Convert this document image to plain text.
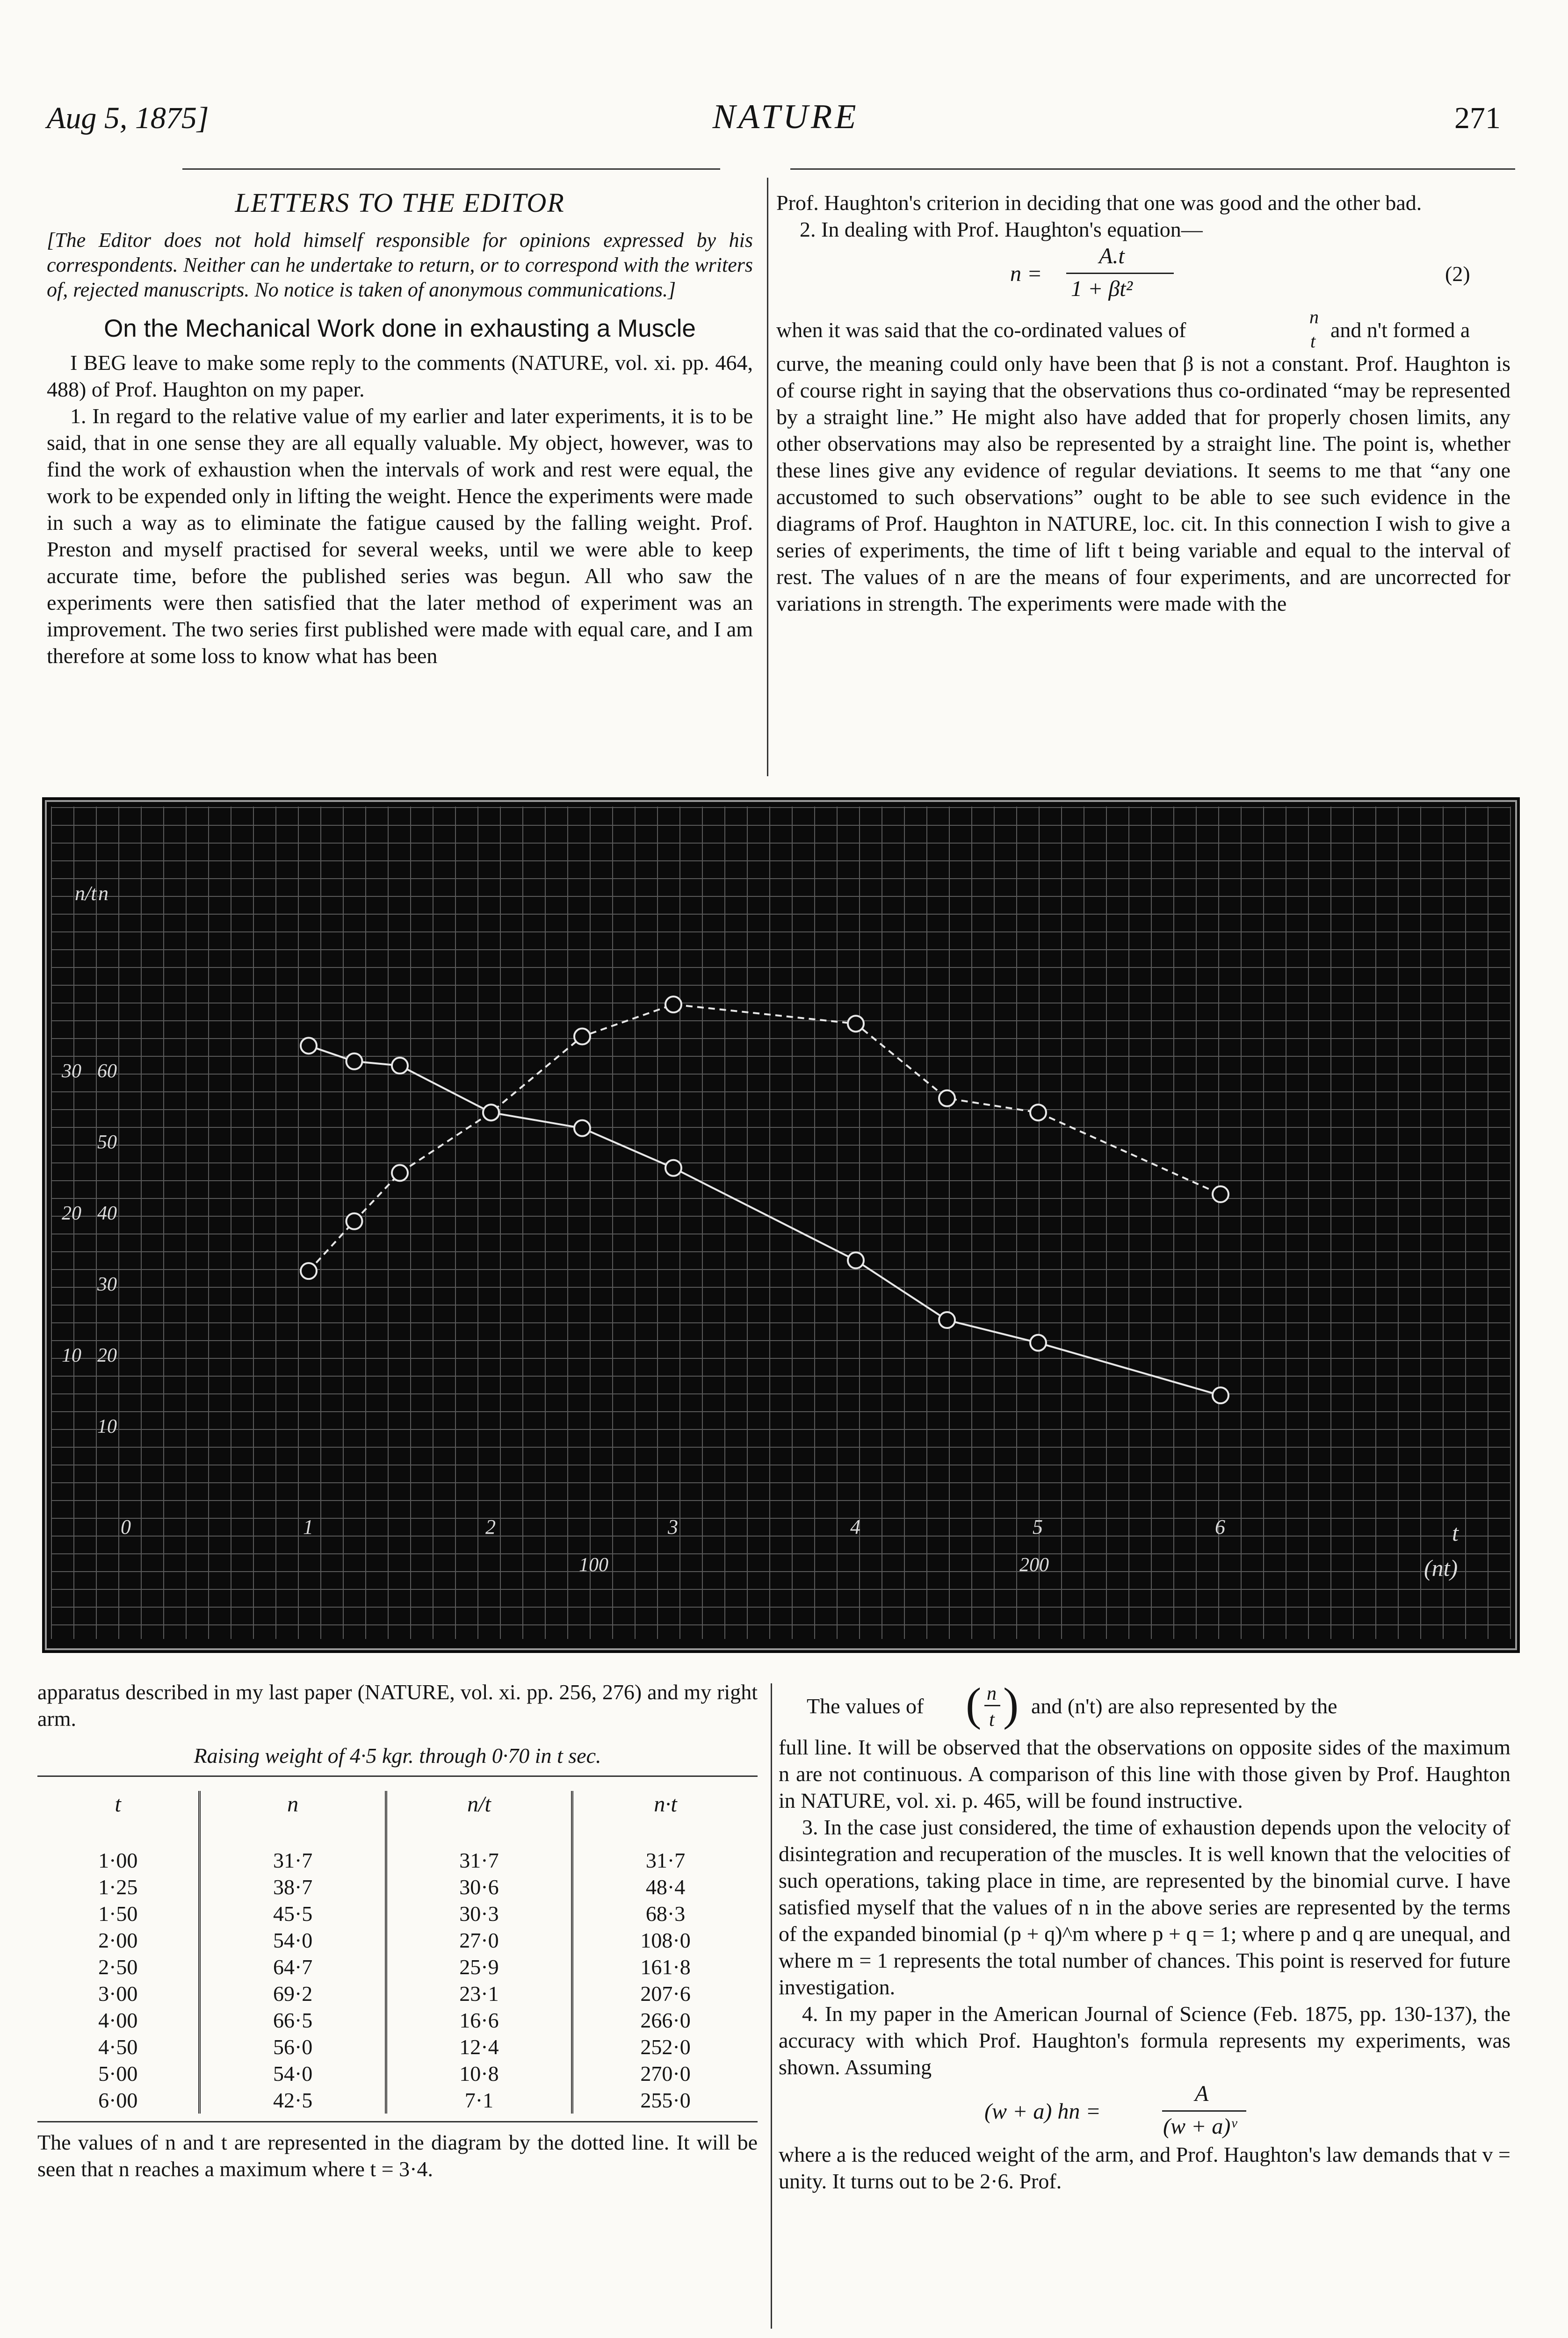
Aug 5, 1875]	NATURE	271
LETTERS TO THE EDITOR
[The Editor does not hold himself responsible for opinions expressed by his correspondents. Neither can he undertake to return, or to correspond with the writers of, rejected manuscripts. No notice is taken of anonymous communications.]
On the Mechanical Work done in exhausting a Muscle

I BEG leave to make some reply to the comments (NATURE, vol. xi. pp. 464, 488) of Prof. Haughton on my paper.

1. In regard to the relative value of my earlier and later experiments, it is to be said, that in one sense they are all equally valuable. My object, however, was to find the work of exhaustion when the intervals of work and rest were equal, the work to be expended only in lifting the weight. Hence the experiments were made in such a way as to eliminate the fatigue caused by the falling weight. Prof. Preston and myself practised for several weeks, until we were able to keep accurate time, before the published series was begun. All who saw the experiments were then satisfied that the later method of experiment was an improvement. The two series first published were made with equal care, and I am therefore at some loss to know what has been

Prof. Haughton's criterion in deciding that one was good and the other bad.

2. In dealing with Prof. Haughton's equation—

n =
A.t
1 + βt²
(2)
when it was said that the co-ordinated values of
n
t and n't formed a

curve, the meaning could only have been that β is not a constant. Prof. Haughton is of course right in saying that the observations thus co-ordinated “may be represented by a straight line.” He might also have added that for properly chosen limits, any other observations may also be represented by a straight line. The point is, whether these lines give any evidence of regular deviations. It seems to me that “any one accustomed to such observations” ought to be able to see such evidence in the diagrams of Prof. Haughton in NATURE, loc. cit. In this connection I wish to give a series of experiments, the time of lift t being variable and equal to the interval of rest. The values of n are the means of four experiments, and are uncorrected for variations in strength. The experiments were made with the

n/t n
10
20
30
40
50
60
10
20
30
0	1	2	3	4	5	6
100	200
t
(nt)

apparatus described in my last paper (NATURE, vol. xi. pp. 256, 276) and my right arm.

Raising weight of 4·5 kgr. through 0·70 in t sec.
t	n	n/t	n·t
1·00	31·7	31·7	31·7
1·25	38·7	30·6	48·4
1·50	45·5	30·3	68·3
2·00	54·0	27·0	108·0
2·50	64·7	25·9	161·8
3·00	69·2	23·1	207·6
4·00	66·5	16·6	266·0
4·50	56·0	12·4	252·0
5·00	54·0	10·8	270·0
6·00	42·5	7·1	255·0

The values of n and t are represented in the diagram by the dotted line. It will be seen that n reaches a maximum where t = 3·4.

The values of ( n
t ) and (n't) are also represented by the

full line. It will be observed that the observations on opposite sides of the maximum n are not continuous. A comparison of this line with those given by Prof. Haughton in NATURE, vol. xi. p. 465, will be found instructive.

3. In the case just considered, the time of exhaustion depends upon the velocity of disintegration and recuperation of the muscles. It is well known that the velocities of such operations, taking place in time, are represented by the binomial curve. I have satisfied myself that the values of n in the above series are represented by the terms of the expanded binomial (p + q)^m where p + q = 1; where p and q are unequal, and where m = 1 represents the total number of chances. This point is reserved for future investigation.

4. In my paper in the American Journal of Science (Feb. 1875, pp. 130-137), the accuracy with which Prof. Haughton's formula represents my experiments, was shown. Assuming

(w + a) hn =
A
(w + a)ᵛ

where a is the reduced weight of the arm, and Prof. Haughton's law demands that v = unity. It turns out to be 2·6. Prof.
